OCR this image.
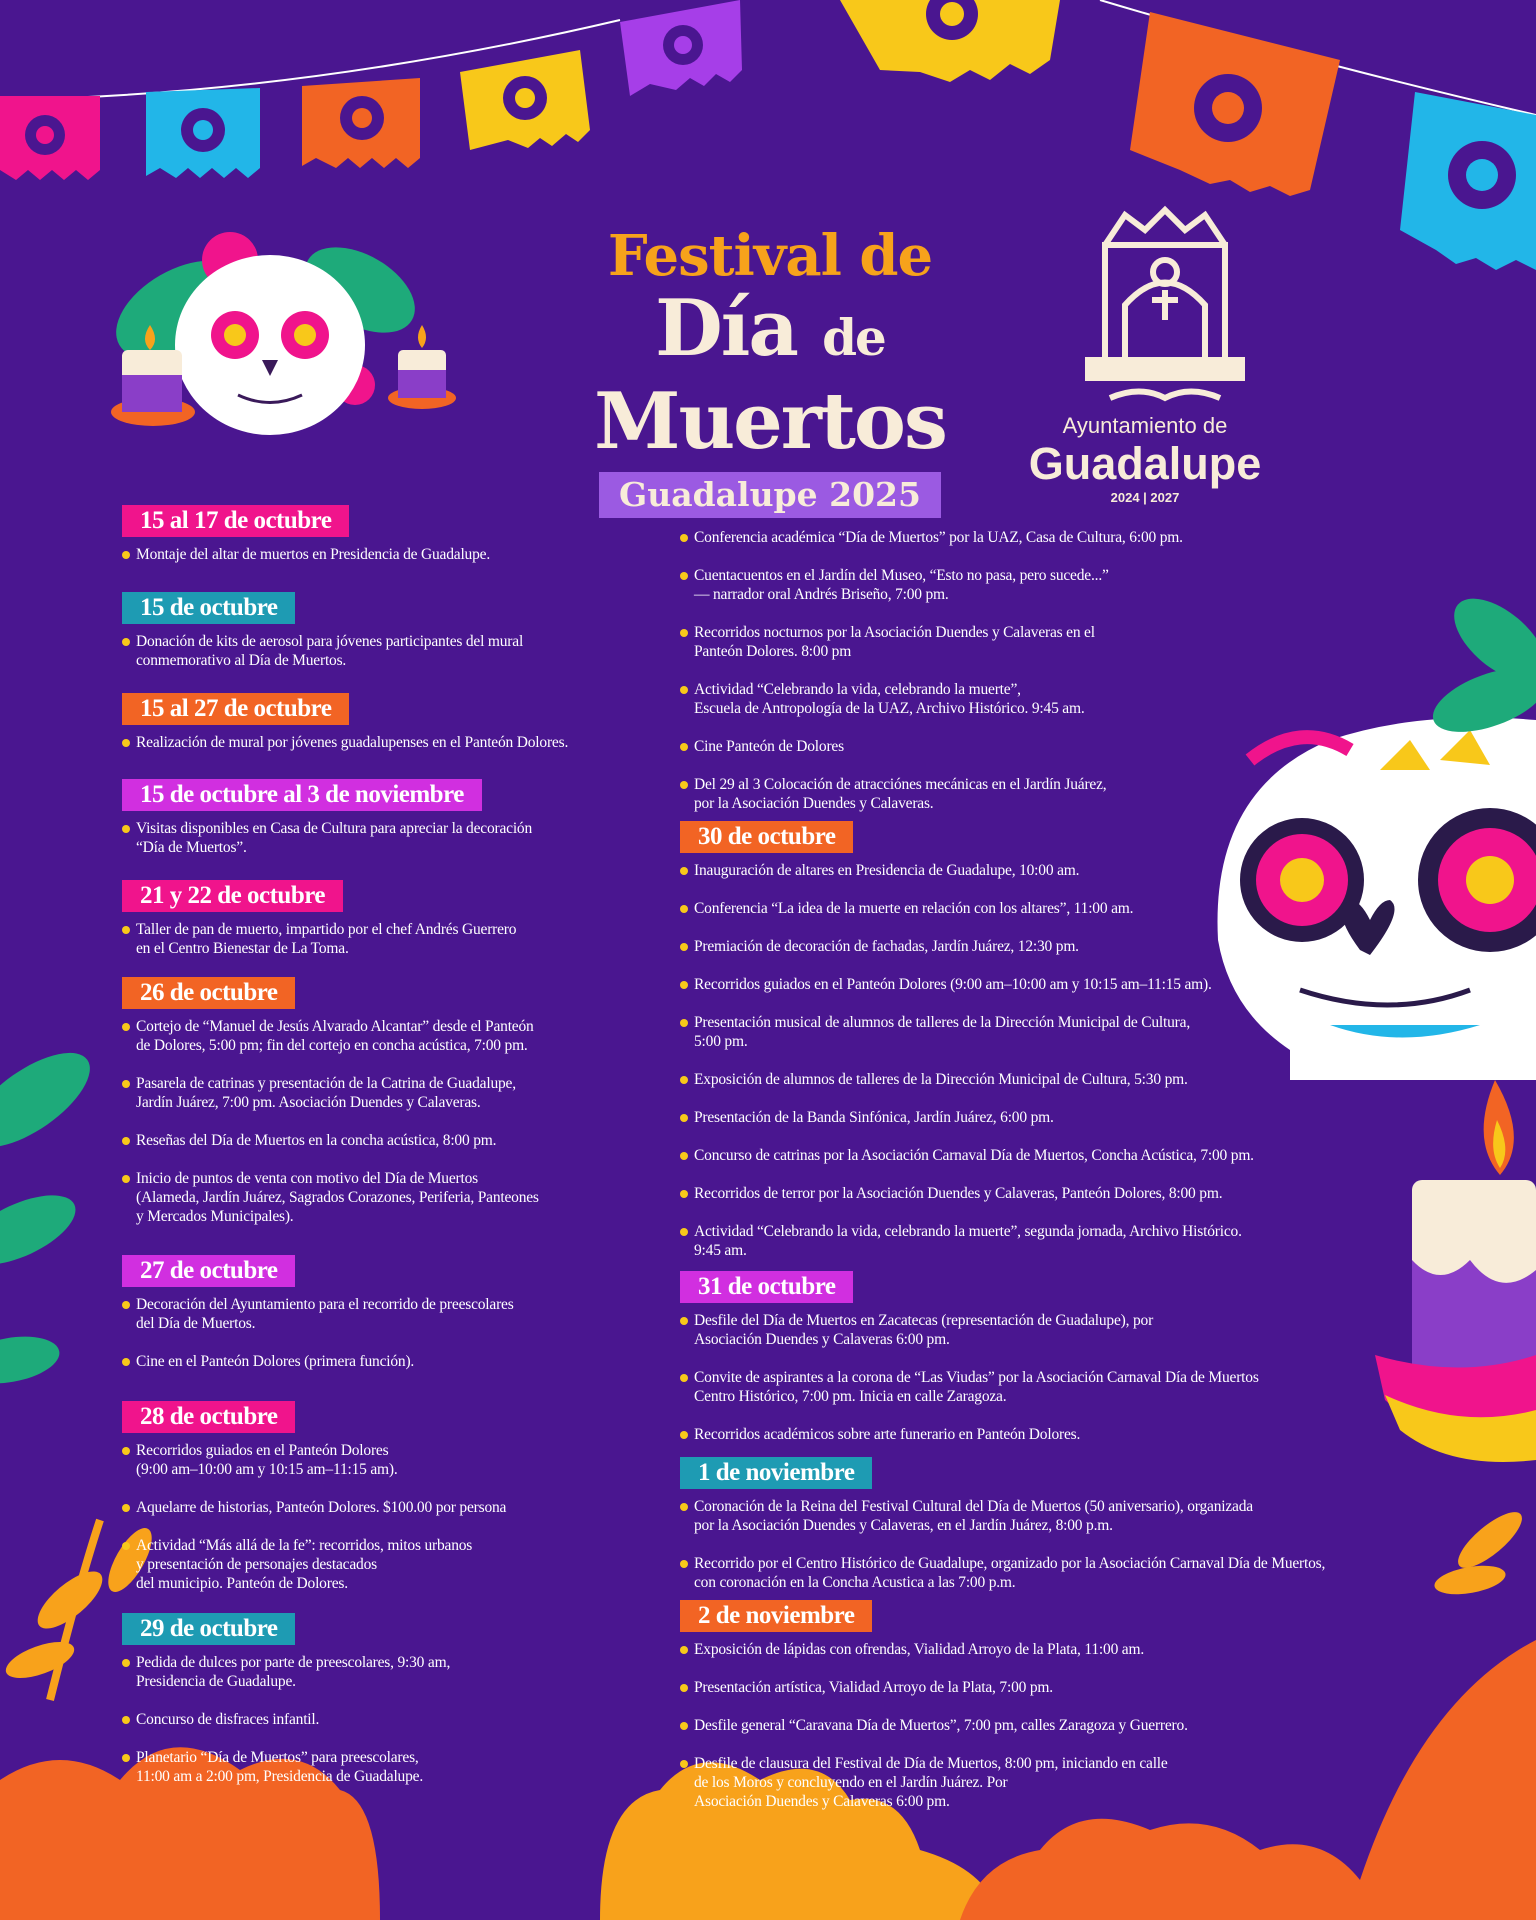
Festival de
Día de Muertos
Guadalupe 2025
Ayuntamiento de
Guadalupe
2024 | 2027
15 al 17 de octubre
Montaje del altar de muertos en Presidencia de Guadalupe.
15 de octubre
Donación de kits de aerosol para jóvenes participantes del mural
conmemorativo al Día de Muertos.
15 al 27 de octubre
Realización de mural por jóvenes guadalupenses en el Panteón Dolores.
15 de octubre al 3 de noviembre
Visitas disponibles en Casa de Cultura para apreciar la decoración
“Día de Muertos”.
21 y 22 de octubre
Taller de pan de muerto, impartido por el chef Andrés Guerrero
en el Centro Bienestar de La Toma.
26 de octubre
Cortejo de “Manuel de Jesús Alvarado Alcantar” desde el Panteón
de Dolores, 5:00 pm; fin del cortejo en concha acústica, 7:00 pm.
Pasarela de catrinas y presentación de la Catrina de Guadalupe,
Jardín Juárez, 7:00 pm. Asociación Duendes y Calaveras.
Reseñas del Día de Muertos en la concha acústica, 8:00 pm.
Inicio de puntos de venta con motivo del Día de Muertos
(Alameda, Jardín Juárez, Sagrados Corazones, Periferia, Panteones
y Mercados Municipales).
27 de octubre
Decoración del Ayuntamiento para el recorrido de preescolares
del Día de Muertos.
Cine en el Panteón Dolores (primera función).
28 de octubre
Recorridos guiados en el Panteón Dolores
(9:00 am–10:00 am y 10:15 am–11:15 am).
Aquelarre de historias, Panteón Dolores. $100.00 por persona
Actividad “Más allá de la fe”: recorridos, mitos urbanos
y presentación de personajes destacados
del municipio. Panteón de Dolores.
29 de octubre
Pedida de dulces por parte de preescolares, 9:30 am,
Presidencia de Guadalupe.
Concurso de disfraces infantil.
Planetario “Día de Muertos” para preescolares,
11:00 am a 2:00 pm, Presidencia de Guadalupe.
Conferencia académica “Día de Muertos” por la UAZ, Casa de Cultura, 6:00 pm.
Cuentacuentos en el Jardín del Museo, “Esto no pasa, pero sucede...”
— narrador oral Andrés Briseño, 7:00 pm.
Recorridos nocturnos por la Asociación Duendes y Calaveras en el
Panteón Dolores. 8:00 pm
Actividad “Celebrando la vida, celebrando la muerte”,
Escuela de Antropología de la UAZ, Archivo Histórico. 9:45 am.
Cine Panteón de Dolores
Del 29 al 3 Colocación de atracciónes mecánicas en el Jardín Juárez,
por la Asociación Duendes y Calaveras.
30 de octubre
Inauguración de altares en Presidencia de Guadalupe, 10:00 am.
Conferencia “La idea de la muerte en relación con los altares”, 11:00 am.
Premiación de decoración de fachadas, Jardín Juárez, 12:30 pm.
Recorridos guiados en el Panteón Dolores (9:00 am–10:00 am y 10:15 am–11:15 am).
Presentación musical de alumnos de talleres de la Dirección Municipal de Cultura,
5:00 pm.
Exposición de alumnos de talleres de la Dirección Municipal de Cultura, 5:30 pm.
Presentación de la Banda Sinfónica, Jardín Juárez, 6:00 pm.
Concurso de catrinas por la Asociación Carnaval Día de Muertos, Concha Acústica, 7:00 pm.
Recorridos de terror por la Asociación Duendes y Calaveras, Panteón Dolores, 8:00 pm.
Actividad “Celebrando la vida, celebrando la muerte”, segunda jornada, Archivo Histórico.
9:45 am.
31 de octubre
Desfile del Día de Muertos en Zacatecas (representación de Guadalupe), por
Asociación Duendes y Calaveras 6:00 pm.
Convite de aspirantes a la corona de “Las Viudas” por la Asociación Carnaval Día de Muertos
Centro Histórico, 7:00 pm. Inicia en calle Zaragoza.
Recorridos académicos sobre arte funerario en Panteón Dolores.
1 de noviembre
Coronación de la Reina del Festival Cultural del Día de Muertos (50 aniversario), organizada
por la Asociación Duendes y Calaveras, en el Jardín Juárez, 8:00 p.m.
Recorrido por el Centro Histórico de Guadalupe, organizado por la Asociación Carnaval Día de Muertos,
con coronación en la Concha Acustica a las 7:00 p.m.
2 de noviembre
Exposición de lápidas con ofrendas, Vialidad Arroyo de la Plata, 11:00 am.
Presentación artística, Vialidad Arroyo de la Plata, 7:00 pm.
Desfile general “Caravana Día de Muertos”, 7:00 pm, calles Zaragoza y Guerrero.
Desfile de clausura del Festival de Día de Muertos, 8:00 pm, iniciando en calle
de los Moros y concluyendo en el Jardín Juárez. Por
Asociación Duendes y Calaveras 6:00 pm.
